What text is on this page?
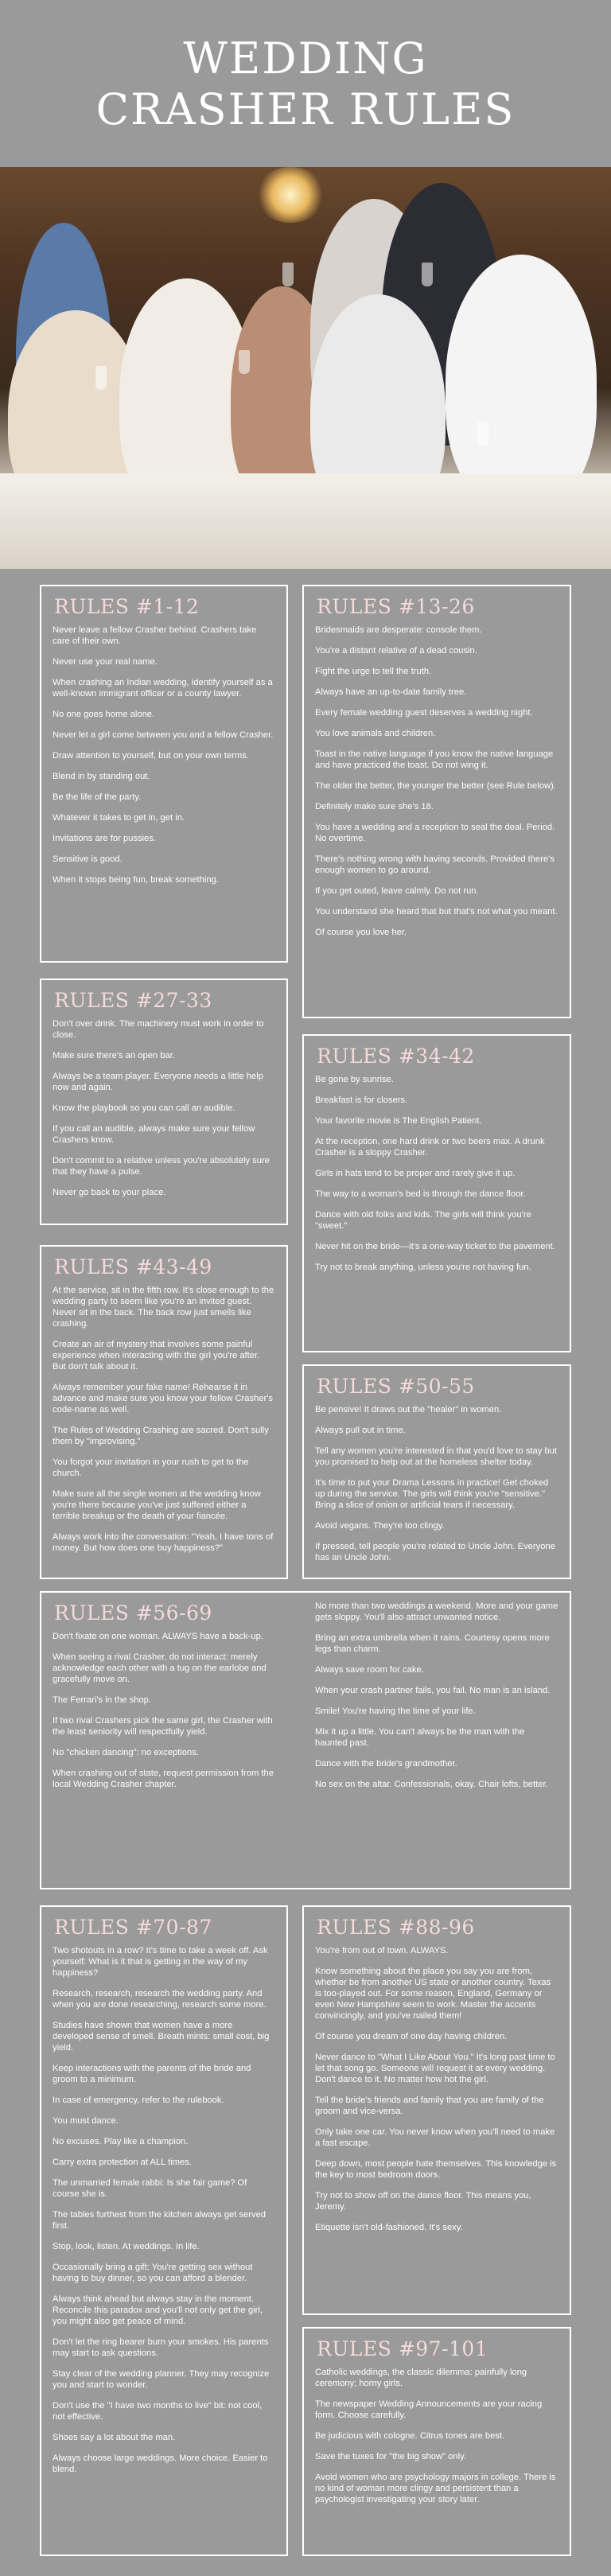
WEDDING
CRASHER RULES
RULES #1-12
Never leave a fellow Crasher behind. Crashers take care of their own.
Never use your real name.
When crashing an Indian wedding, identify yourself as a well-known immigrant officer or a county lawyer.
No one goes home alone.
Never let a girl come between you and a fellow Crasher.
Draw attention to yourself, but on your own terms.
Blend in by standing out.
Be the life of the party.
Whatever it takes to get in, get in.
Invitations are for pussies.
Sensitive is good.
When it stops being fun, break something.
RULES #13-26
Bridesmaids are desperate: console them.
You're a distant relative of a dead cousin.
Fight the urge to tell the truth.
Always have an up-to-date family tree.
Every female wedding guest deserves a wedding night.
You love animals and children.
Toast in the native language if you know the native language and have practiced the toast. Do not wing it.
The older the better, the younger the better (see Rule below).
Definitely make sure she's 18.
You have a wedding and a reception to seal the deal. Period. No overtime.
There's nothing wrong with having seconds. Provided there's enough women to go around.
If you get outed, leave calmly. Do not run.
You understand she heard that but that's not what you meant.
Of course you love her.
RULES #27-33
Don't over drink. The machinery must work in order to close.
Make sure there's an open bar.
Always be a team player. Everyone needs a little help now and again.
Know the playbook so you can call an audible.
If you call an audible, always make sure your fellow Crashers know.
Don't commit to a relative unless you're absolutely sure that they have a pulse.
Never go back to your place.
RULES #34-42
Be gone by sunrise.
Breakfast is for closers.
Your favorite movie is The English Patient.
At the reception, one hard drink or two beers max. A drunk Crasher is a sloppy Crasher.
Girls in hats tend to be proper and rarely give it up.
The way to a woman's bed is through the dance floor.
Dance with old folks and kids. The girls will think you're "sweet."
Never hit on the bride—it's a one-way ticket to the pavement.
Try not to break anything, unless you're not having fun.
RULES #43-49
At the service, sit in the fifth row. It's close enough to the wedding party to seem like you're an invited guest. Never sit in the back. The back row just smells like crashing.
Create an air of mystery that involves some painful experience when interacting with the girl you're after. But don't talk about it.
Always remember your fake name! Rehearse it in advance and make sure you know your fellow Crasher's code-name as well.
The Rules of Wedding Crashing are sacred. Don't sully them by "improvising."
You forgot your invitation in your rush to get to the church.
Make sure all the single women at the wedding know you're there because you've just suffered either a terrible breakup or the death of your fiancée.
Always work into the conversation: "Yeah, I have tons of money. But how does one buy happiness?"
RULES #50-55
Be pensive! It draws out the "healer" in women.
Always pull out in time.
Tell any women you're interested in that you'd love to stay but you promised to help out at the homeless shelter today.
It's time to put your Drama Lessons in practice! Get choked up during the service. The girls will think you're "sensitive." Bring a slice of onion or artificial tears if necessary.
Avoid vegans. They're too clingy.
If pressed, tell people you're related to Uncle John. Everyone has an Uncle John.
RULES #56-69
Don't fixate on one woman. ALWAYS have a back-up.
When seeing a rival Crasher, do not interact: merely acknowledge each other with a tug on the earlobe and gracefully move on.
The Ferrari's in the shop.
If two rival Crashers pick the same girl, the Crasher with the least seniority will respectfully yield.
No "chicken dancing": no exceptions.
When crashing out of state, request permission from the local Wedding Crasher chapter.
No more than two weddings a weekend. More and your game gets sloppy. You'll also attract unwanted notice.
Bring an extra umbrella when it rains. Courtesy opens more legs than charm.
Always save room for cake.
When your crash partner fails, you fail. No man is an island.
Smile! You're having the time of your life.
Mix it up a little. You can't always be the man with the haunted past.
Dance with the bride's grandmother.
No sex on the altar. Confessionals, okay. Chair lofts, better.
RULES #70-87
Two shotouts in a row? It's time to take a week off. Ask yourself: What is it that is getting in the way of my happiness?
Research, research, research the wedding party. And when you are done researching, research some more.
Studies have shown that women have a more developed sense of smell. Breath mints: small cost, big yield.
Keep interactions with the parents of the bride and groom to a minimum.
In case of emergency, refer to the rulebook.
You must dance.
No excuses. Play like a champion.
Carry extra protection at ALL times.
The unmarried female rabbi: Is she fair game? Of course she is.
The tables furthest from the kitchen always get served first.
Stop, look, listen. At weddings. In life.
Occasionally bring a gift: You're getting sex without having to buy dinner, so you can afford a blender.
Always think ahead but always stay in the moment. Reconcile this paradox and you'll not only get the girl, you might also get peace of mind.
Don't let the ring bearer burn your smokes. His parents may start to ask questions.
Stay clear of the wedding planner. They may recognize you and start to wonder.
Don't use the "I have two months to live" bit: not cool, not effective.
Shoes say a lot about the man.
Always choose large weddings. More choice. Easier to blend.
RULES #88-96
You're from out of town. ALWAYS.
Know something about the place you say you are from, whether be from another US state or another country. Texas is too-played out. For some reason, England, Germany or even New Hampshire seem to work. Master the accents convincingly, and you've nailed them!
Of course you dream of one day having children.
Never dance to "What I Like About You." It's long past time to let that song go. Someone will request it at every wedding. Don't dance to it. No matter how hot the girl.
Tell the bride's friends and family that you are family of the groom and vice-versa.
Only take one car. You never know when you'll need to make a fast escape.
Deep down, most people hate themselves. This knowledge is the key to most bedroom doors.
Try not to show off on the dance floor. This means you, Jeremy.
Etiquette isn't old-fashioned. It's sexy.
RULES #97-101
Catholic weddings, the classic dilemma: painfully long ceremony; horny girls.
The newspaper Wedding Announcements are your racing form. Choose carefully.
Be judicious with cologne. Citrus tones are best.
Save the tuxes for "the big show" only.
Avoid women who are psychology majors in college. There is no kind of woman more clingy and persistent than a psychologist investigating your story later.
